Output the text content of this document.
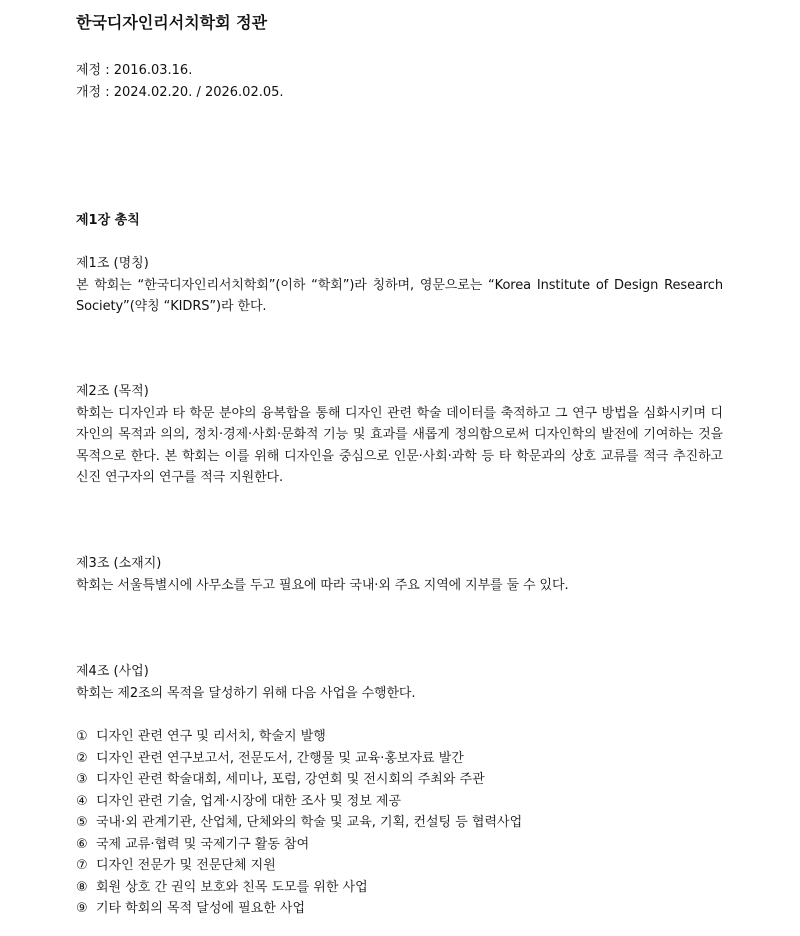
한국디자인리서치학회 정관
제정 : 2016.03.16.
개정 : 2024.02.20. / 2026.02.05.
제1장 총칙
제1조 (명칭)

본 학회는 “한국디자인리서치학회”(이하 “학회”)라 칭하며, 영문으로는 “Korea Institute of Design Research Society”(약칭 “KIDRS”)라 한다.

제2조 (목적)

학회는 디자인과 타 학문 분야의 융복합을 통해 디자인 관련 학술 데이터를 축적하고 그 연구 방법을 심화시키며 디자인의 목적과 의의, 정치·경제·사회·문화적 기능 및 효과를 새롭게 정의함으로써 디자인학의 발전에 기여하는 것을 목적으로 한다. 본 학회는 이를 위해 디자인을 중심으로 인문·사회·과학 등 타 학문과의 상호 교류를 적극 추진하고 신진 연구자의 연구를 적극 지원한다.

제3조 (소재지)

학회는 서울특별시에 사무소를 두고 필요에 따라 국내·외 주요 지역에 지부를 둘 수 있다.

제4조 (사업)

학회는 제2조의 목적을 달성하기 위해 다음 사업을 수행한다.

① 디자인 관련 연구 및 리서치, 학술지 발행
② 디자인 관련 연구보고서, 전문도서, 간행물 및 교육·홍보자료 발간
③ 디자인 관련 학술대회, 세미나, 포럼, 강연회 및 전시회의 주최와 주관
④ 디자인 관련 기술, 업계·시장에 대한 조사 및 정보 제공
⑤ 국내·외 관계기관, 산업체, 단체와의 학술 및 교육, 기획, 컨설팅 등 협력사업
⑥ 국제 교류·협력 및 국제기구 활동 참여
⑦ 디자인 전문가 및 전문단체 지원
⑧ 회원 상호 간 권익 보호와 친목 도모를 위한 사업
⑨ 기타 학회의 목적 달성에 필요한 사업
